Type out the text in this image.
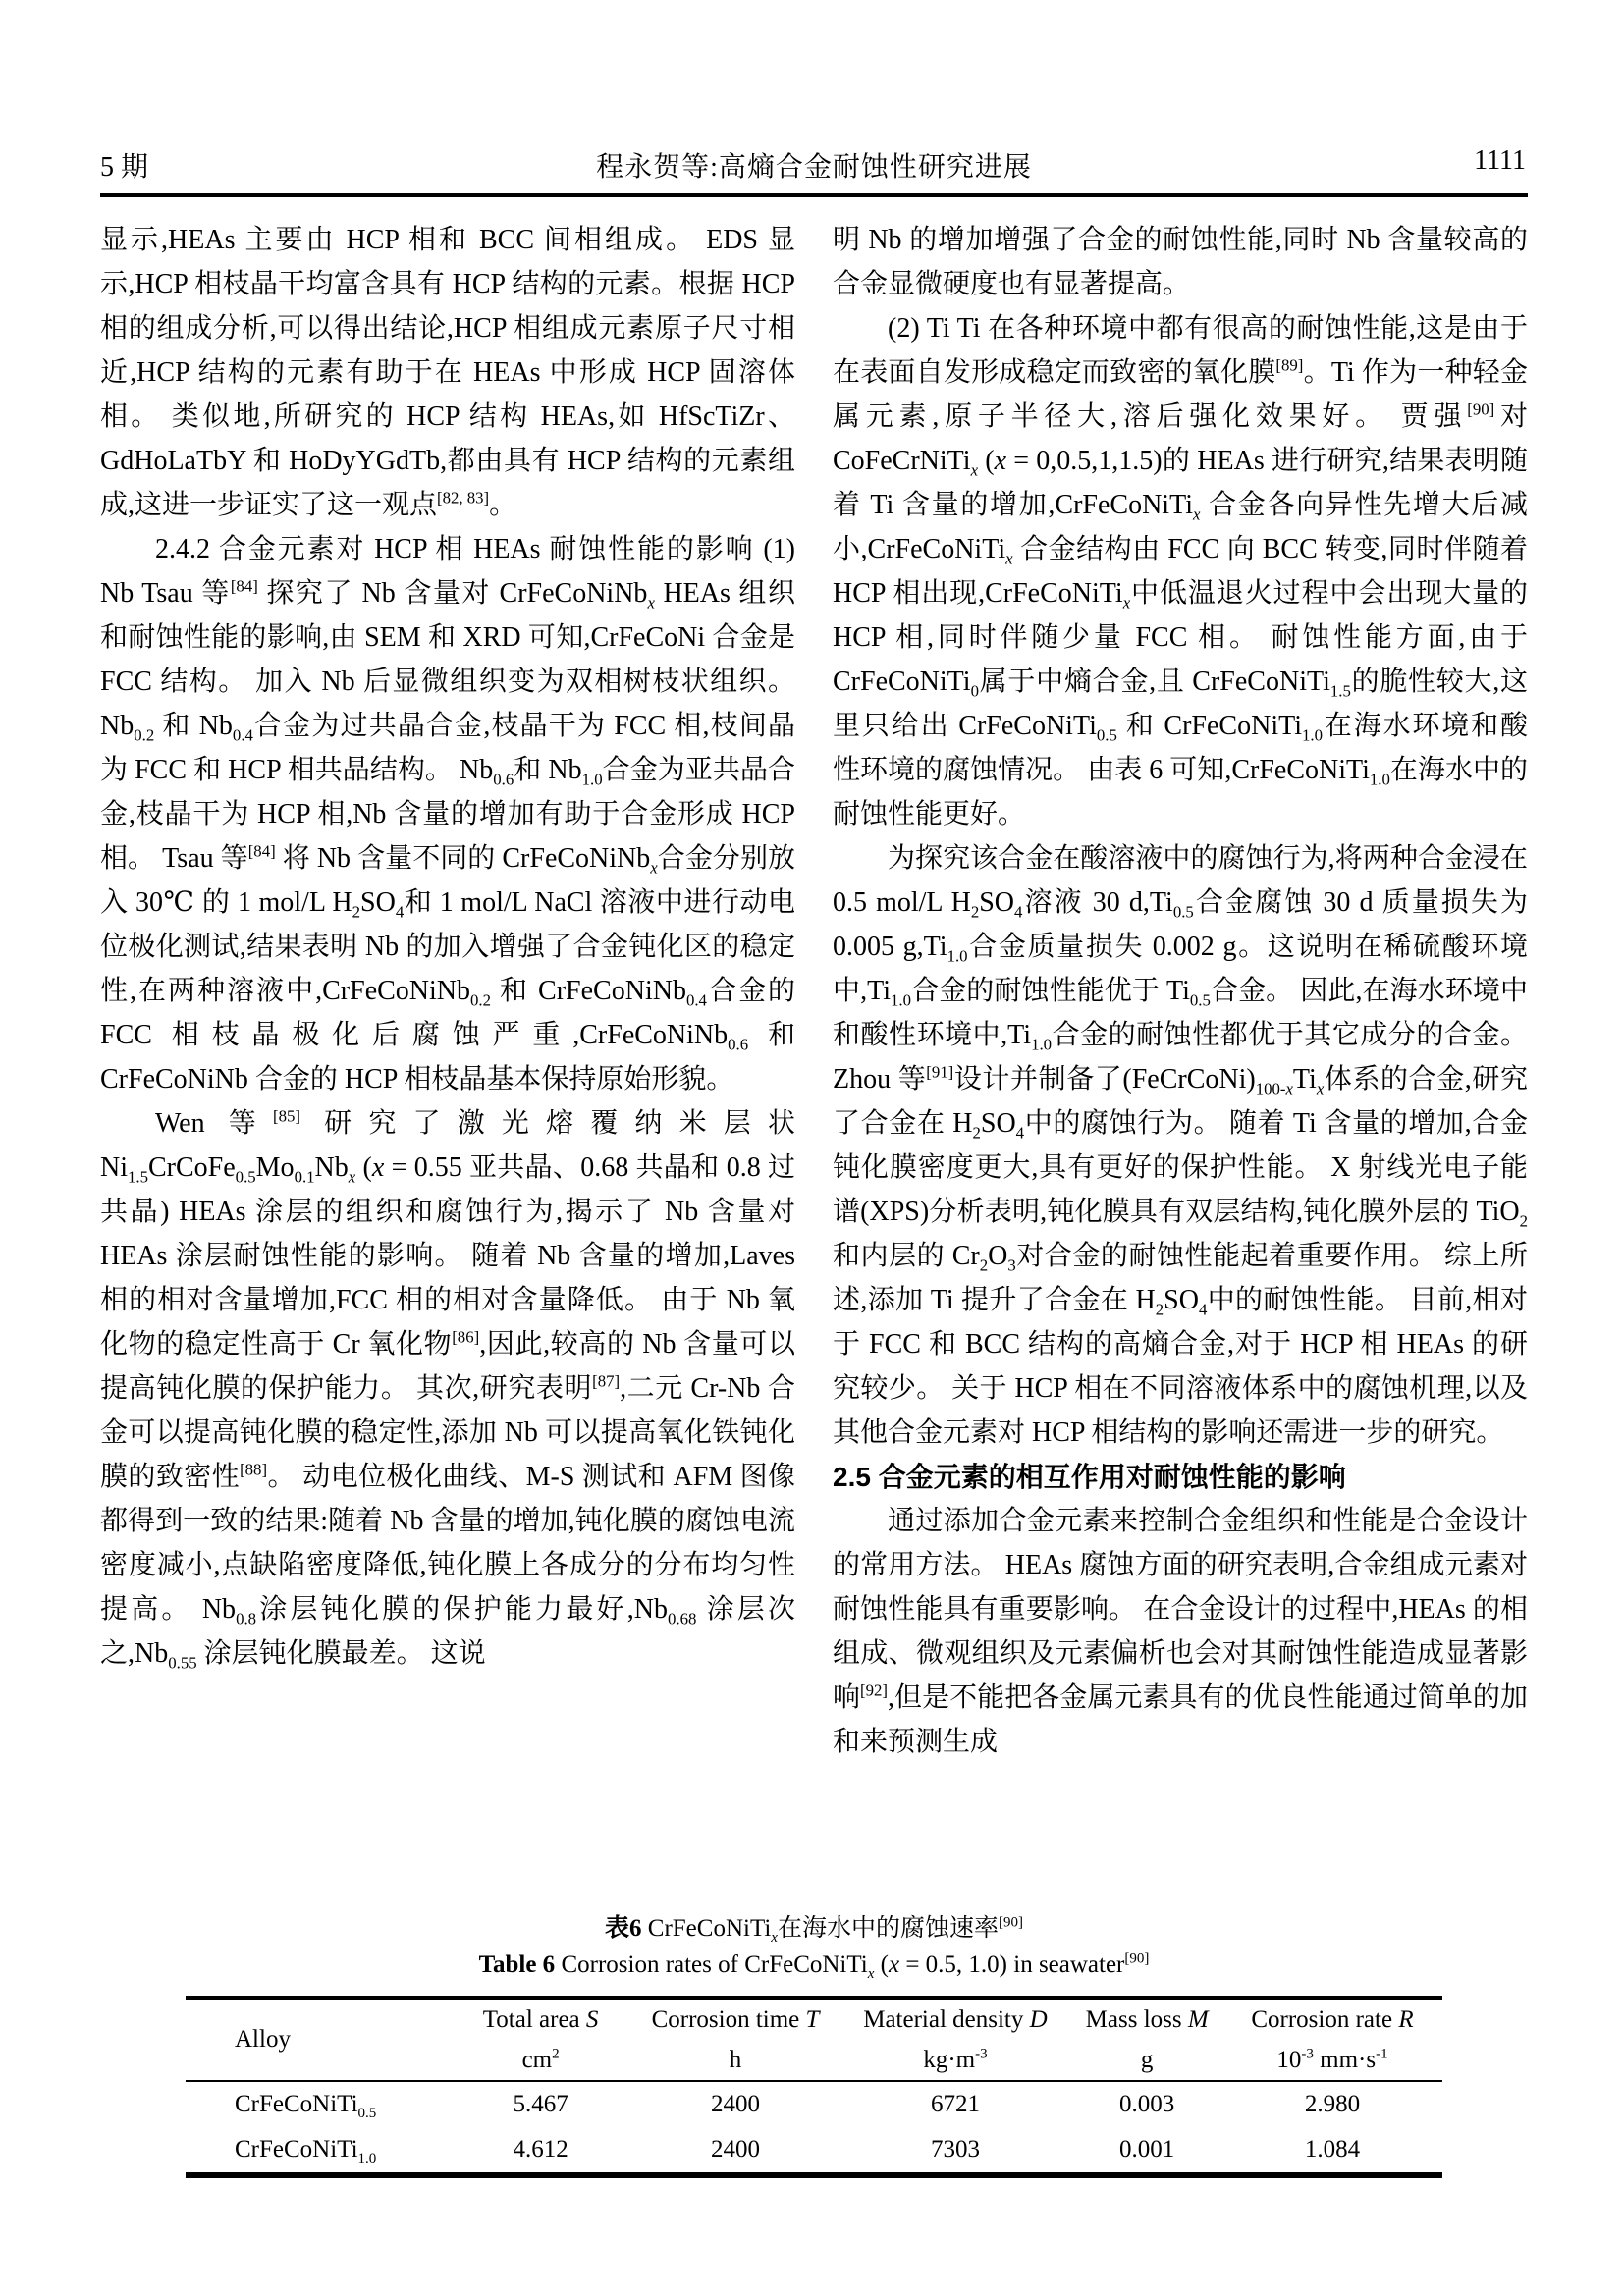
5 期	程永贺等:高熵合金耐蚀性研究进展	1111

显示,HEAs 主要由 HCP 相和 BCC 间相组成。 EDS 显示,HCP 相枝晶干均富含具有 HCP 结构的元素。根据 HCP 相的组成分析,可以得出结论,HCP 相组成元素原子尺寸相近,HCP 结构的元素有助于在 HEAs 中形成 HCP 固溶体相。 类似地,所研究的 HCP 结构 HEAs,如 HfScTiZr、GdHoLaTbY 和 HoDyYGdTb,都由具有 HCP 结构的元素组成,这进一步证实了这一观点[82, 83]。

2.4.2 合金元素对 HCP 相 HEAs 耐蚀性能的影响 (1) Nb Tsau 等[84] 探究了 Nb 含量对 CrFeCoNiNb$_x$ HEAs 组织和耐蚀性能的影响,由 SEM 和 XRD 可知,CrFeCoNi 合金是 FCC 结构。 加入 Nb 后显微组织变为双相树枝状组织。 $Nb_{0.2}$ 和 $Nb_{0.4}$合金为过共晶合金,枝晶干为 FCC 相,枝间晶为 FCC 和 HCP 相共晶结构。 $Nb_{0.6}$和 $Nb_{1.0}$合金为亚共晶合金,枝晶干为 HCP 相,Nb 含量的增加有助于合金形成 HCP 相。 Tsau 等[84] 将 Nb 含量不同的 CrFeCoNiNb$_x$合金分别放入 30℃ 的 1 mol/L $H_2SO_4$和 1 mol/L NaCl 溶液中进行动电位极化测试,结果表明 Nb 的加入增强了合金钝化区的稳定性,在两种溶液中,CrFeCoNiNb$_{0.2}$ 和 CrFeCoNiNb$_{0.4}$合金的 FCC 相枝晶极化后腐蚀严重,CrFeCoNiNb$_{0.6}$ 和 CrFeCoNiNb 合金的 HCP 相枝晶基本保持原始形貌。

Wen 等[85] 研究了激光熔覆纳米层状 $Ni_{1.5}CrCoFe_{0.5}Mo_{0.1}Nb_x$ (x = 0.55 亚共晶、0.68 共晶和 0.8 过共晶) HEAs 涂层的组织和腐蚀行为,揭示了 Nb 含量对 HEAs 涂层耐蚀性能的影响。 随着 Nb 含量的增加,Laves 相的相对含量增加,FCC 相的相对含量降低。 由于 Nb 氧化物的稳定性高于 Cr 氧化物[86],因此,较高的 Nb 含量可以提高钝化膜的保护能力。 其次,研究表明[87],二元 Cr-Nb 合金可以提高钝化膜的稳定性,添加 Nb 可以提高氧化铁钝化膜的致密性[88]。 动电位极化曲线、M-S 测试和 AFM 图像都得到一致的结果:随着 Nb 含量的增加,钝化膜的腐蚀电流密度减小,点缺陷密度降低,钝化膜上各成分的分布均匀性提高。 $Nb_{0.8}$涂层钝化膜的保护能力最好$,Nb_{0.68}$ 涂层次之$,Nb_{0.55}$ 涂层钝化膜最差。 这说

明 Nb 的增加增强了合金的耐蚀性能,同时 Nb 含量较高的合金显微硬度也有显著提高。

(2) Ti Ti 在各种环境中都有很高的耐蚀性能,这是由于在表面自发形成稳定而致密的氧化膜[89]。Ti 作为一种轻金属元素,原子半径大,溶后强化效果好。 贾强[90]对 CoFeCrNiTi$_x$ (x = 0,0.5,1,1.5)的 HEAs 进行研究,结果表明随着 Ti 含量的增加,CrFeCoNiTi$_x$ 合金各向异性先增大后减小,CrFeCoNiTi$_x$ 合金结构由 FCC 向 BCC 转变,同时伴随着 HCP 相出现,CrFeCoNiTi$_x$中低温退火过程中会出现大量的 HCP 相,同时伴随少量 FCC 相。 耐蚀性能方面,由于 CrFeCoNiTi$_0$属于中熵合金,且 CrFeCoNiTi$_{1.5}$的脆性较大,这里只给出 CrFeCoNiTi$_{0.5}$ 和 CrFeCoNiTi$_{1.0}$在海水环境和酸性环境的腐蚀情况。 由表 6 可知,CrFeCoNiTi$_{1.0}$在海水中的耐蚀性能更好。

为探究该合金在酸溶液中的腐蚀行为,将两种合金浸在 0.5 mol/L $H_2SO_4$溶液 30 $d,Ti_{0.5}$合金腐蚀 30 d 质量损失为 0.005 $g,Ti_{1.0}$合金质量损失 0.002 g。这说明在稀硫酸环境中$,Ti_{1.0}$合金的耐蚀性能优于 $Ti_{0.5}$合金。 因此,在海水环境中和酸性环境中$,Ti_{1.0}$合金的耐蚀性都优于其它成分的合金。 Zhou 等[91]设计并制备了$(FeCrCoNi)_{100-x}Ti_x$体系的合金,研究了合金在 $H_2SO_4$中的腐蚀行为。 随着 Ti 含量的增加,合金钝化膜密度更大,具有更好的保护性能。 X 射线光电子能谱(XPS)分析表明,钝化膜具有双层结构,钝化膜外层的 TiO$_2$和内层的 $Cr_2O_3$对合金的耐蚀性能起着重要作用。 综上所述,添加 Ti 提升了合金在 $H_2SO_4$中的耐蚀性能。 目前,相对于 FCC 和 BCC 结构的高熵合金,对于 HCP 相 HEAs 的研究较少。 关于 HCP 相在不同溶液体系中的腐蚀机理,以及其他合金元素对 HCP 相结构的影响还需进一步的研究。

2.5 合金元素的相互作用对耐蚀性能的影响

通过添加合金元素来控制合金组织和性能是合金设计的常用方法。 HEAs 腐蚀方面的研究表明,合金组成元素对耐蚀性能具有重要影响。 在合金设计的过程中,HEAs 的相组成、微观组织及元素偏析也会对其耐蚀性能造成显著影响[92],但是不能把各金属元素具有的优良性能通过简单的加和来预测生成

表6 CrFeCoNiTi$_x$在海水中的腐蚀速率[90]
Table 6 Corrosion rates of CrFeCoNiTi$_x$ (x = 0.5, 1.0) in seawater[90]
Alloy	Total area S	Corrosion time T	Material density D	Mass loss M	Corrosion rate R
	$cm^2$	h	$kg\cdot m^{-3}$	g	$10^{-3}$ $mm\cdot s^{-1}$
CrFeCoNiTi$_{0.5}$	5.467	2400	6721	0.003	2.980
CrFeCoNiTi$_{1.0}$	4.612	2400	7303	0.001	1.084
